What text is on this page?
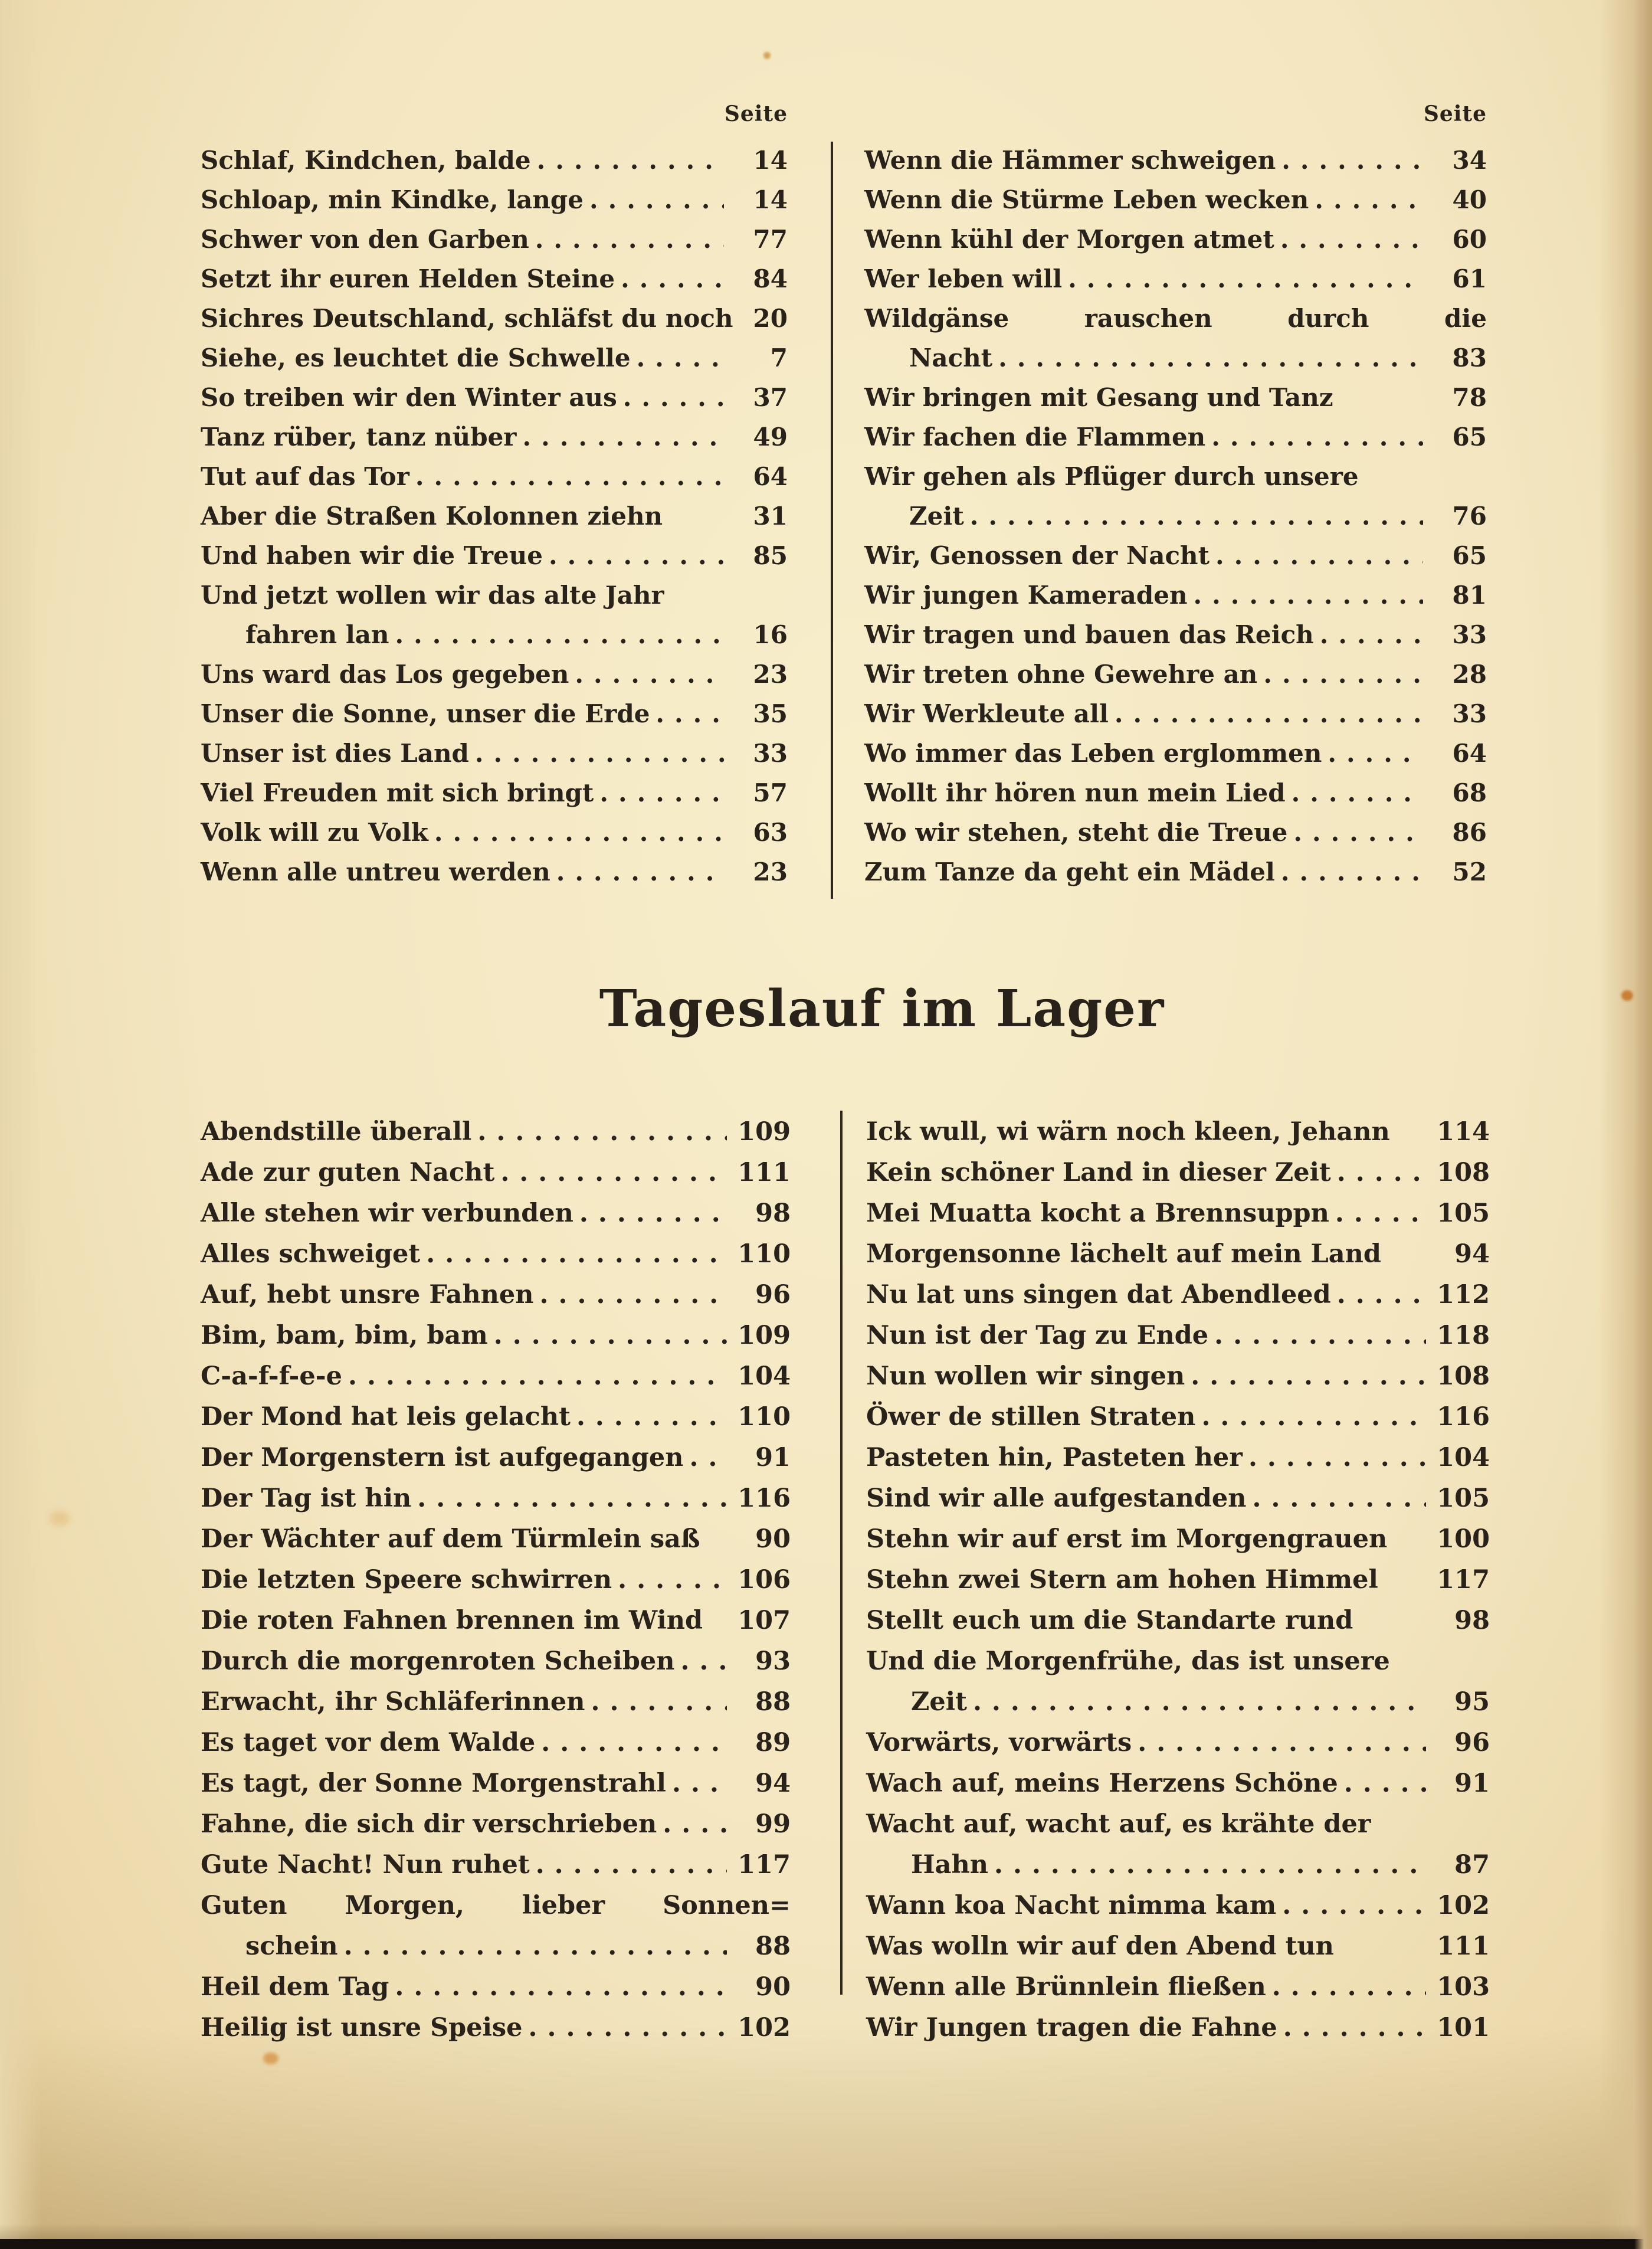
Seite	Seite
Schlaf, Kindchen, balde .....	14
Schloap, min Kindke, lange .....	14
Schwer von den Garben .....	77
Setzt ihr euren Helden Steine .....	84
Sichres Deutschland, schläfst du noch 20
Siehe, es leuchtet die Schwelle .....	7
So treiben wir den Winter aus .....	37
Tanz rüber, tanz nüber .....	49
Tut auf das Tor .....	64
Aber die Straßen Kolonnen ziehn	31
Und haben wir die Treue .....	85
Und jetzt wollen wir das alte Jahr
fahren lan .....	16
Uns ward das Los gegeben .....	23
Unser die Sonne, unser die Erde .....	35
Unser ist dies Land .....	33
Viel Freuden mit sich bringt .....	57
Volk will zu Volk .....	63
Wenn alle untreu werden .....	23
Wenn die Hämmer schweigen .....	34
Wenn die Stürme Leben wecken .....	40
Wenn kühl der Morgen atmet .....	60
Wer leben will .....	61
Wildgänse rauschen durch die
Nacht .....	83
Wir bringen mit Gesang und Tanz	78
Wir fachen die Flammen .....	65
Wir gehen als Pflüger durch unsere
Zeit .....	76
Wir, Genossen der Nacht .....	65
Wir jungen Kameraden .....	81
Wir tragen und bauen das Reich .....	33
Wir treten ohne Gewehre an .....	28
Wir Werkleute all .....	33
Wo immer das Leben erglommen .....	64
Wollt ihr hören nun mein Lied .....	68
Wo wir stehen, steht die Treue .....	86
Zum Tanze da geht ein Mädel .....	52
Tageslauf im Lager
Abendstille überall .....	109
Ade zur guten Nacht .....	111
Alle stehen wir verbunden .....	98
Alles schweiget .....	110
Auf, hebt unsre Fahnen .....	96
Bim, bam, bim, bam .....	109
C-a-f-f-e-e .....	104
Der Mond hat leis gelacht .....	110
Der Morgenstern ist aufgegangen .....	91
Der Tag ist hin .....	116
Der Wächter auf dem Türmlein saß	90
Die letzten Speere schwirren .....	106
Die roten Fahnen brennen im Wind 107
Durch die morgenroten Scheiben .....	93
Erwacht, ihr Schläferinnen .....	88
Es taget vor dem Walde .....	89
Es tagt, der Sonne Morgenstrahl .....	94
Fahne, die sich dir verschrieben .....	99
Gute Nacht! Nun ruhet .....	117
Guten Morgen, lieber Sonnen=
schein .....	88
Heil dem Tag .....	90
Heilig ist unsre Speise .....	102
Ick wull, wi wärn noch kleen, Jehann 114
Kein schöner Land in dieser Zeit .....	108
Mei Muatta kocht a Brennsuppn .....	105
Morgensonne lächelt auf mein Land	94
Nu lat uns singen dat Abendleed .....	112
Nun ist der Tag zu Ende .....	118
Nun wollen wir singen .....	108
Öwer de stillen Straten .....	116
Pasteten hin, Pasteten her .....	104
Sind wir alle aufgestanden .....	105
Stehn wir auf erst im Morgengrauen 100
Stehn zwei Stern am hohen Himmel 117
Stellt euch um die Standarte rund	98
Und die Morgenfrühe, das ist unsere
Zeit .....	95
Vorwärts, vorwärts .....	96
Wach auf, meins Herzens Schöne .....	91
Wacht auf, wacht auf, es krähte der
Hahn .....	87
Wann koa Nacht nimma kam .....	102
Was wolln wir auf den Abend tun	111
Wenn alle Brünnlein fließen .....	103
Wir Jungen tragen die Fahne .....	101
